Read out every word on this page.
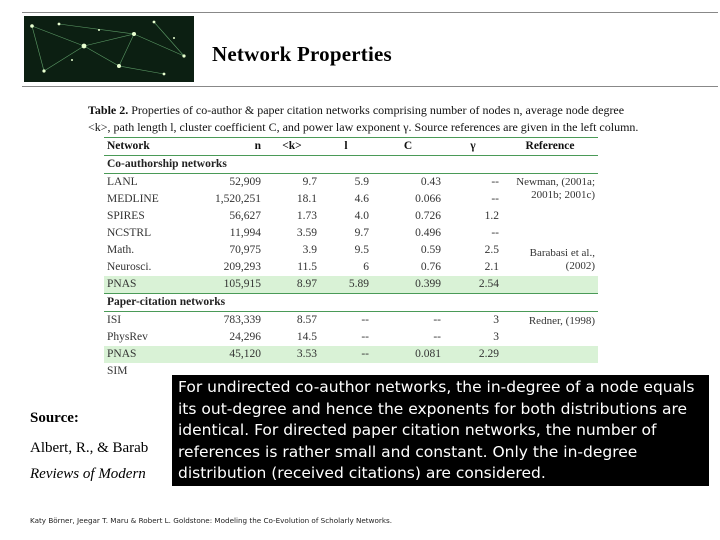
Network Properties
Table 2. Properties of co-author & paper citation networks comprising number of nodes n, average node degree <k>, path length l, cluster coefficient C, and power law exponent γ. Source references are given in the left column.
Network	n	<k>	l	C	γ	Reference
Co-authorship networks						
LANL	52,909	9.7	5.9	0.43	--	Newman, (2001a; 2001b; 2001c)
MEDLINE	1,520,251	18.1	4.6	0.066	--	
SPIRES	56,627	1.73	4.0	0.726	1.2	
NCSTRL	11,994	3.59	9.7	0.496	--	
Math.	70,975	3.9	9.5	0.59	2.5	Barabasi et al., (2002)
Neurosci.	209,293	11.5	6	0.76	2.1	
PNAS	105,915	8.97	5.89	0.399	2.54	
Paper-citation networks						
ISI	783,339	8.57	--	--	3	Redner, (1998)
PhysRev	24,296	14.5	--	--	3	
PNAS	45,120	3.53	--	0.081	2.29	
SIM						
Source:
Albert, R., & Barab
Reviews of Modern
For undirected co-author networks, the in-degree of a node equals its out-degree and hence the exponents for both distributions are identical. For directed paper citation networks, the number of references is rather small and constant. Only the in-degree distribution (received citations) are considered.
Katy Börner, Jeegar T. Maru & Robert L. Goldstone: Modeling the Co-Evolution of Scholarly Networks.
